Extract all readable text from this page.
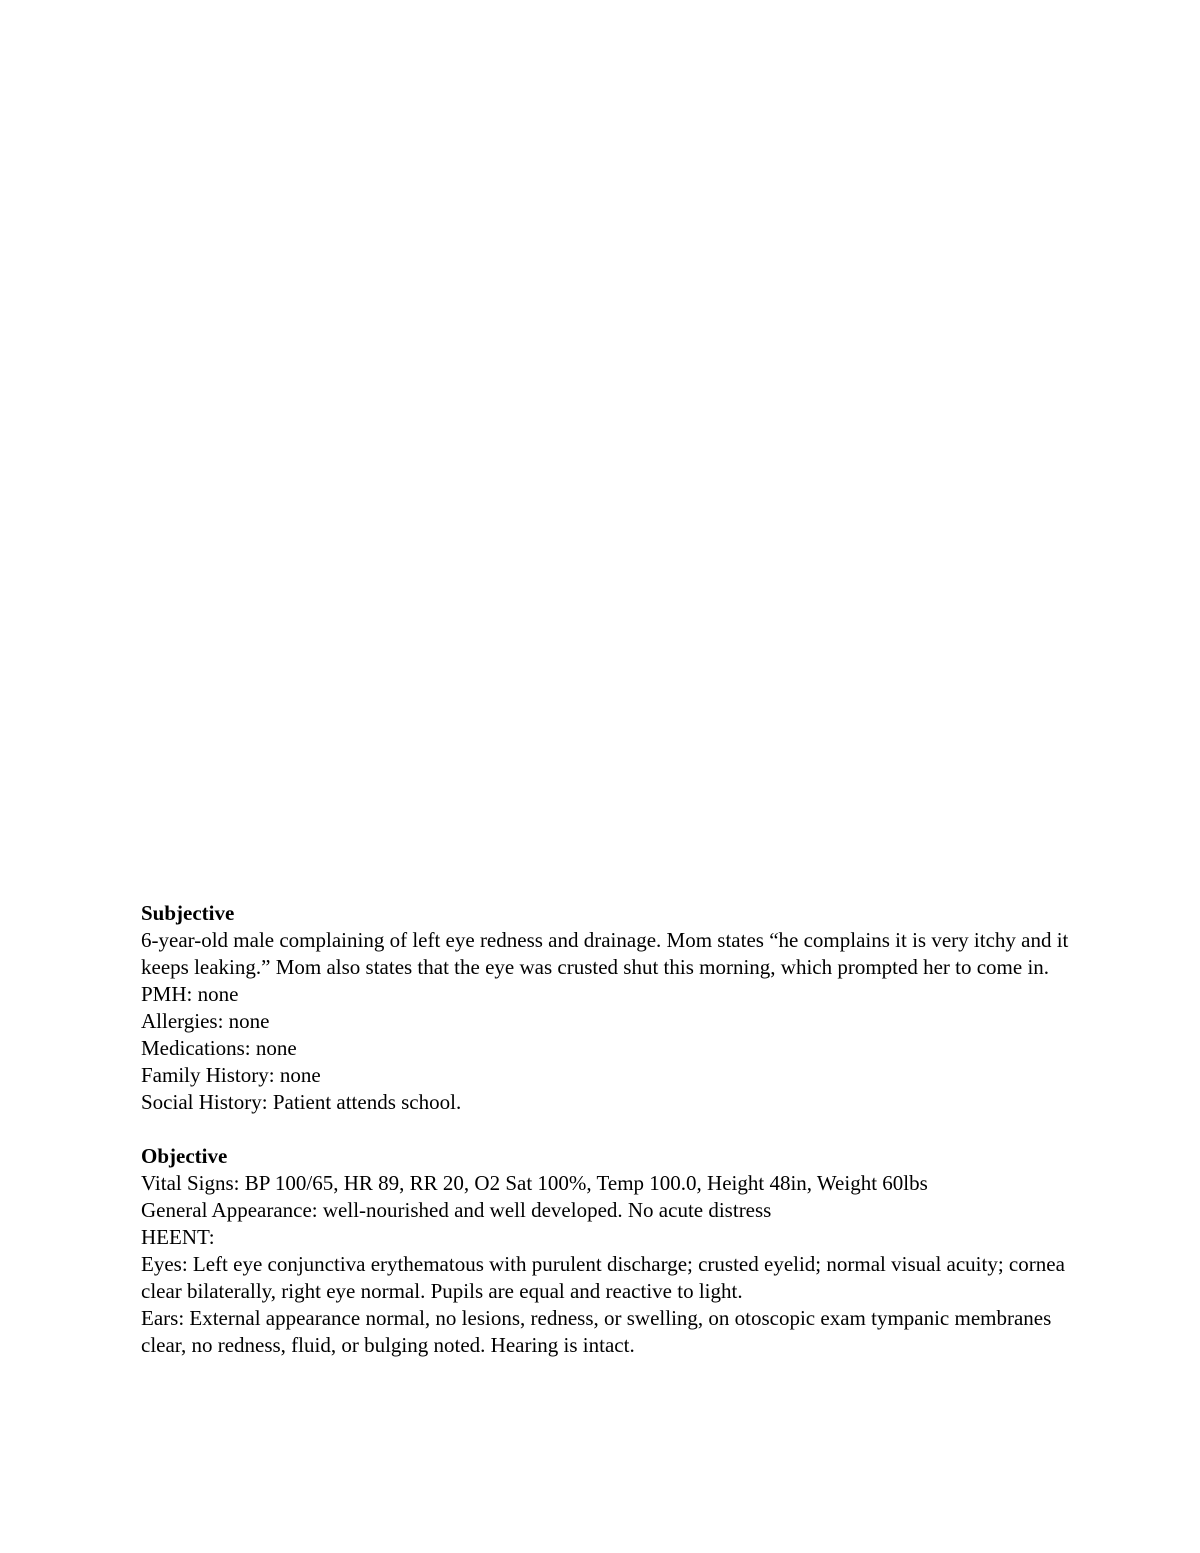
Subjective
6-year-old male complaining of left eye redness and drainage. Mom states “he complains it is very itchy and it keeps leaking.” Mom also states that the eye was crusted shut this morning, which prompted her to come in.
PMH: none
Allergies: none
Medications: none
Family History: none
Social History: Patient attends school.
Objective
Vital Signs: BP 100/65, HR 89, RR 20, O2 Sat 100%, Temp 100.0, Height 48in, Weight 60lbs
General Appearance: well-nourished and well developed. No acute distress
HEENT:
Eyes: Left eye conjunctiva erythematous with purulent discharge; crusted eyelid; normal visual acuity; cornea clear bilaterally, right eye normal. Pupils are equal and reactive to light.
Ears: External appearance normal, no lesions, redness, or swelling, on otoscopic exam tympanic membranes clear, no redness, fluid, or bulging noted. Hearing is intact.
